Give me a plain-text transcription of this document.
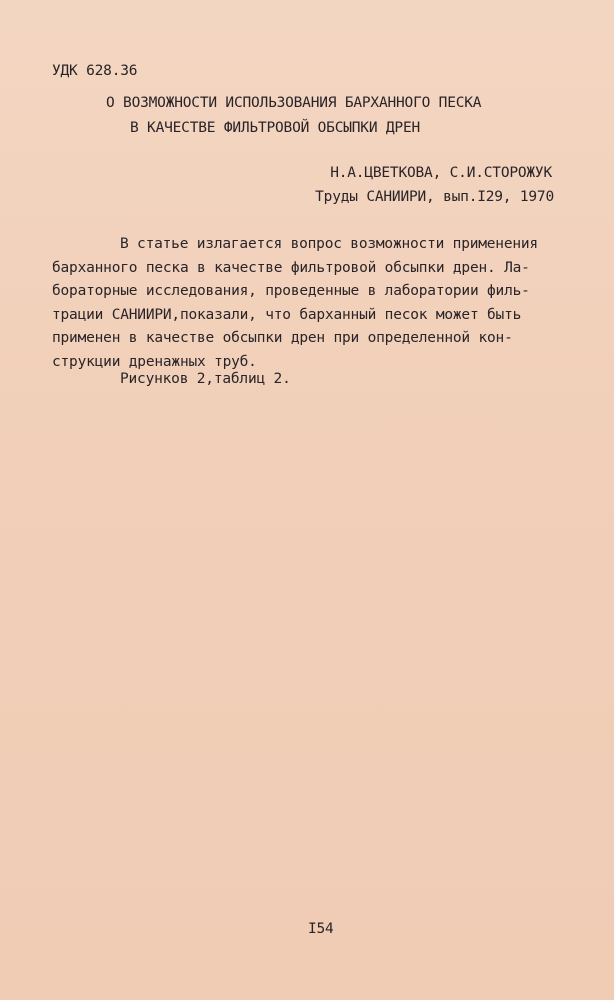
УДК 628.36
О ВОЗМОЖНОСТИ ИСПОЛЬЗОВАНИЯ БАРХАННОГО ПЕСКА
В КАЧЕСТВЕ ФИЛЬТРОВОЙ ОБСЫПКИ ДРЕН
Н.А.ЦВЕТКОВА, С.И.СТОРОЖУК
Труды САНИИРИ, вып.I29, 1970
В статье излагается вопрос возможности применения
барханного песка в качестве фильтровой обсыпки дрен. Ла-
бораторные исследования, проведенные в лаборатории филь-
трации САНИИРИ,показали, что барханный песок может быть
применен в качестве обсыпки дрен при определенной кон-
струкции дренажных труб.
Рисунков 2,таблиц 2.
I54
